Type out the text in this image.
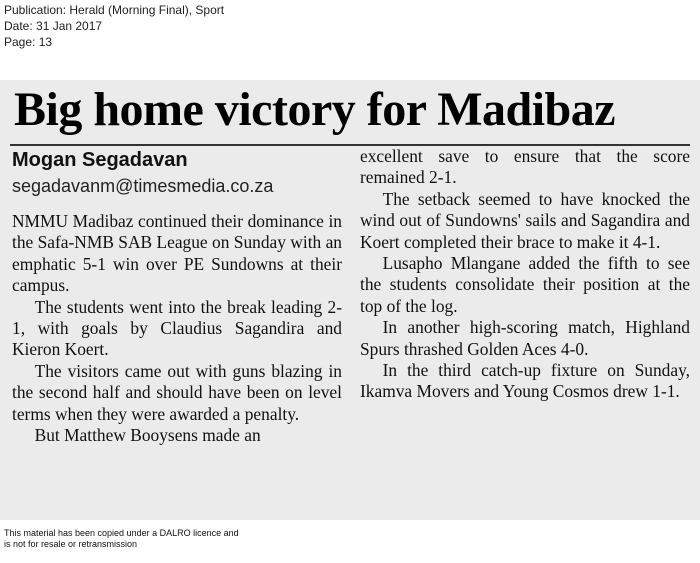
Publication: Herald (Morning Final), Sport
Date: 31 Jan 2017
Page: 13
Big home victory for Madibaz
Mogan Segadavan
segadavanm@timesmedia.co.za

NMMU Madibaz continued their dominance in the Safa-NMB SAB League on Sunday with an emphatic 5-1 win over PE Sundowns at their campus.

The students went into the break leading 2-1, with goals by Claudius Sagandira and Kieron Koert.

The visitors came out with guns blazing in the second half and should have been on level terms when they were awarded a penalty.

But Matthew Booysens made an

excellent save to ensure that the score remained 2-1.

The setback seemed to have knocked the wind out of Sundowns' sails and Sagandira and Koert completed their brace to make it 4-1.

Lusapho Mlangane added the fifth to see the students consolidate their position at the top of the log.

In another high-scoring match, Highland Spurs thrashed Golden Aces 4-0.

In the third catch-up fixture on Sunday, Ikamva Movers and Young Cosmos drew 1-1.

This material has been copied under a DALRO licence and
is not for resale or retransmission
